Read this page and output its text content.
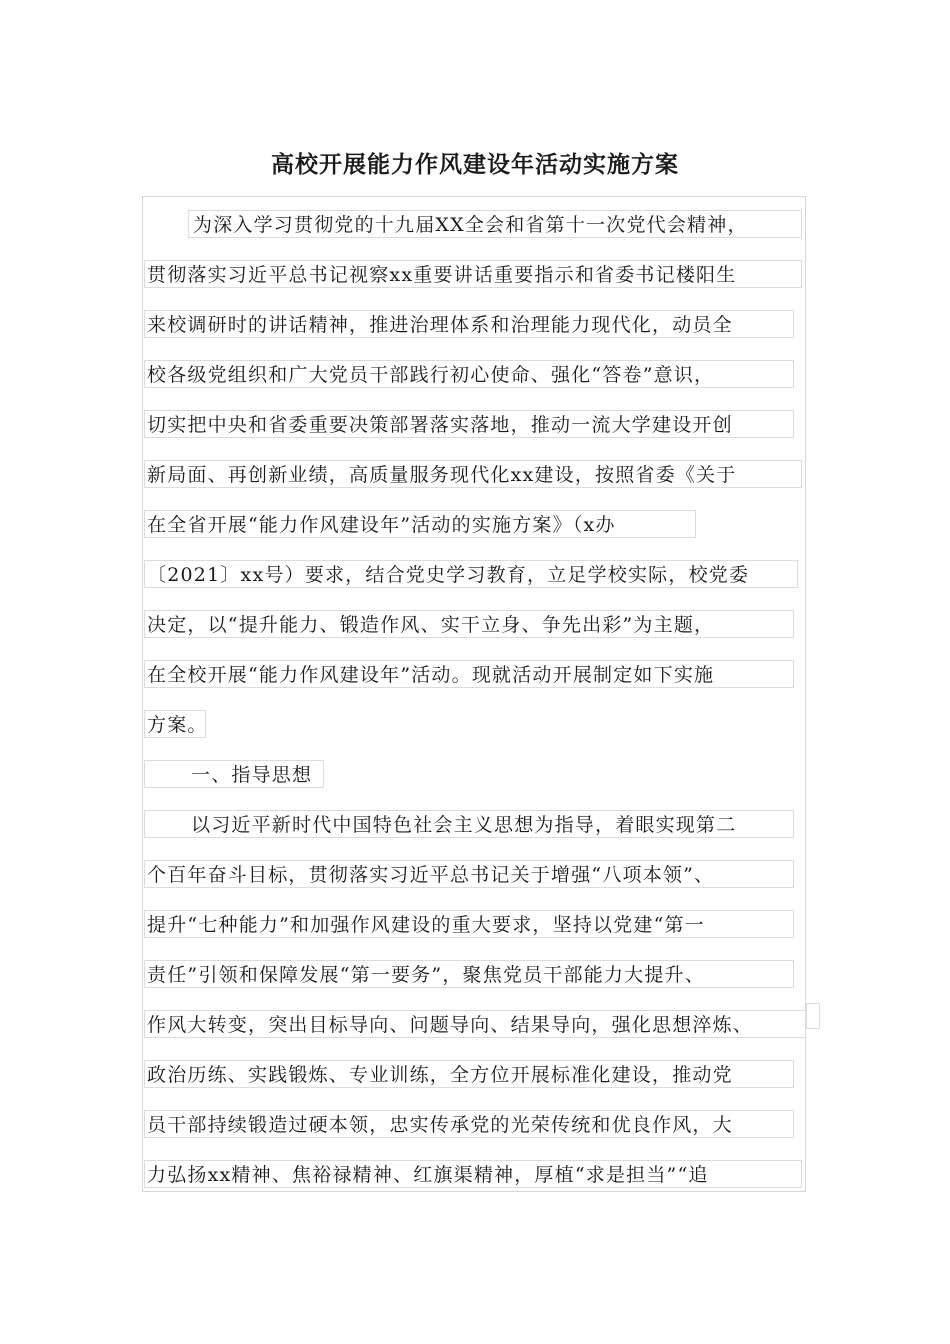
高校开展能力作风建设年活动实施方案
为深入学习贯彻党的十九届XX全会和省第十一次党代会精神，
贯彻落实习近平总书记视察xx重要讲话重要指示和省委书记楼阳生
来校调研时的讲话精神，推进治理体系和治理能力现代化，动员全
校各级党组织和广大党员干部践行初心使命、强化“答卷”意识，
切实把中央和省委重要决策部署落实落地，推动一流大学建设开创
新局面、再创新业绩，高质量服务现代化xx建设，按照省委《关于
在全省开展“能力作风建设年”活动的实施方案》（x办
〔2021〕xx号）要求，结合党史学习教育，立足学校实际，校党委
决定，以“提升能力、锻造作风、实干立身、争先出彩”为主题，
在全校开展“能力作风建设年”活动。现就活动开展制定如下实施
方案。
一、指导思想
以习近平新时代中国特色社会主义思想为指导，着眼实现第二
个百年奋斗目标，贯彻落实习近平总书记关于增强“八项本领”、
提升“七种能力”和加强作风建设的重大要求，坚持以党建“第一
责任”引领和保障发展“第一要务”，聚焦党员干部能力大提升、
作风大转变，突出目标导向、问题导向、结果导向，强化思想淬炼、
政治历练、实践锻炼、专业训练，全方位开展标准化建设，推动党
员干部持续锻造过硬本领，忠实传承党的光荣传统和优良作风，大
力弘扬xx精神、焦裕禄精神、红旗渠精神，厚植“求是担当”“追
